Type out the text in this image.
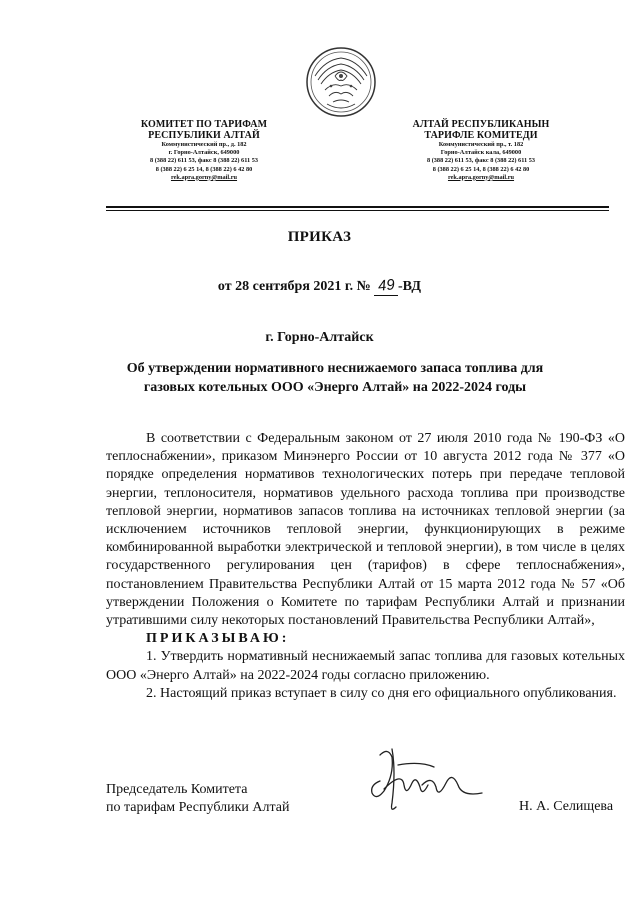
КОМИТЕТ ПО ТАРИФАМ
РЕСПУБЛИКИ АЛТАЙ
Коммунистический пр., д. 182
г. Горно-Алтайск, 649000
8 (388 22) 611 53, факс 8 (388 22) 611 53
8 (388 22) 6 25 14, 8 (388 22) 6 42 80
rek.apra.gorny@mail.ru
АЛТАЙ РЕСПУБЛИКАНЫН
ТАРИФЛЕ КОМИТЕДИ
Коммунистический пр., т. 182
Горно-Алтайск кала, 649000
8 (388 22) 611 53, факс 8 (388 22) 611 53
8 (388 22) 6 25 14, 8 (388 22) 6 42 80
rek.apra.gorny@mail.ru
ПРИКАЗ
от 28 сентября 2021 г. № 49 -ВД
г. Горно-Алтайск
Об утверждении нормативного неснижаемого запаса топлива для газовых котельных ООО «Энерго Алтай» на 2022-2024 годы

В соответствии с Федеральным законом от 27 июля 2010 года № 190-ФЗ «О теплоснабжении», приказом Минэнерго России от 10 августа 2012 года № 377 «О порядке определения нормативов технологических потерь при передаче тепловой энергии, теплоносителя, нормативов удельного расхода топлива при производстве тепловой энергии, нормативов запасов топлива на источниках тепловой энергии (за исключением источников тепловой энергии, функционирующих в режиме комбинированной выработки электрической и тепловой энергии), в том числе в целях государственного регулирования цен (тарифов) в сфере теплоснабжения», постановлением Правительства Республики Алтай от 15 марта 2012 года № 57 «Об утверждении Положения о Комитете по тарифам Республики Алтай и признании утратившими силу некоторых постановлений Правительства Республики Алтай»,

ПРИКАЗЫВАЮ:

1. Утвердить нормативный неснижаемый запас топлива для газовых котельных ООО «Энерго Алтай» на 2022-2024 годы согласно приложению.

2. Настоящий приказ вступает в силу со дня его официального опубликования.

Председатель Комитета
по тарифам Республики Алтай	Н. А. Селищева
